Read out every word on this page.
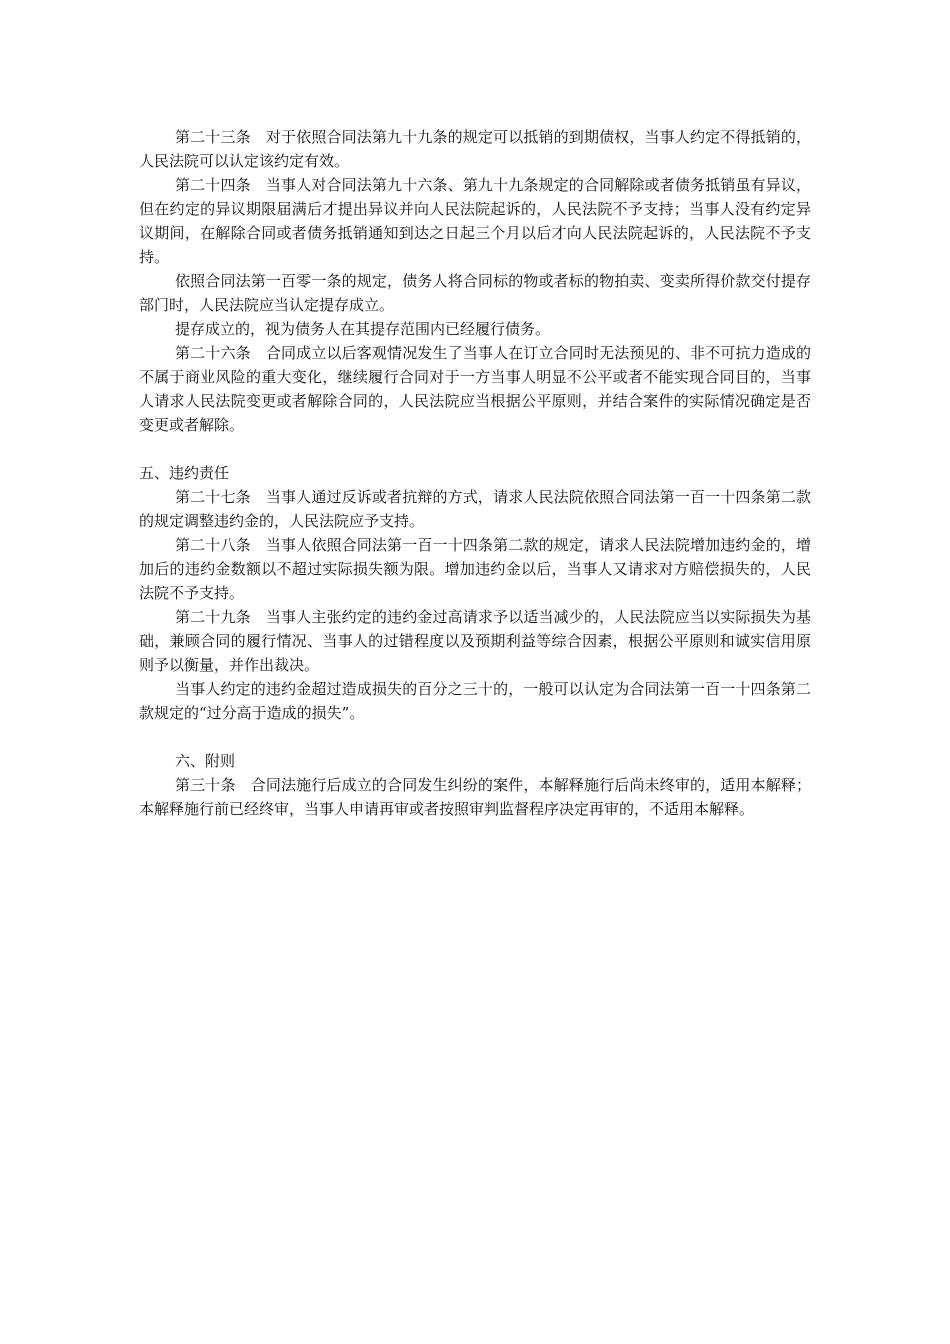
第二十三条　对于依照合同法第九十九条的规定可以抵销的到期债权，当事人约定不得抵销的，人民法院可以认定该约定有效。

第二十四条　当事人对合同法第九十六条、第九十九条规定的合同解除或者债务抵销虽有异议，但在约定的异议期限届满后才提出异议并向人民法院起诉的，人民法院不予支持；当事人没有约定异议期间，在解除合同或者债务抵销通知到达之日起三个月以后才向人民法院起诉的，人民法院不予支持。

依照合同法第一百零一条的规定，债务人将合同标的物或者标的物拍卖、变卖所得价款交付提存部门时，人民法院应当认定提存成立。

提存成立的，视为债务人在其提存范围内已经履行债务。

第二十六条　合同成立以后客观情况发生了当事人在订立合同时无法预见的、非不可抗力造成的不属于商业风险的重大变化，继续履行合同对于一方当事人明显不公平或者不能实现合同目的，当事人请求人民法院变更或者解除合同的，人民法院应当根据公平原则，并结合案件的实际情况确定是否变更或者解除。

五、违约责任

第二十七条　当事人通过反诉或者抗辩的方式，请求人民法院依照合同法第一百一十四条第二款的规定调整违约金的，人民法院应予支持。

第二十八条　当事人依照合同法第一百一十四条第二款的规定，请求人民法院增加违约金的，增加后的违约金数额以不超过实际损失额为限。增加违约金以后，当事人又请求对方赔偿损失的，人民法院不予支持。

第二十九条　当事人主张约定的违约金过高请求予以适当减少的，人民法院应当以实际损失为基础，兼顾合同的履行情况、当事人的过错程度以及预期利益等综合因素，根据公平原则和诚实信用原则予以衡量，并作出裁决。

当事人约定的违约金超过造成损失的百分之三十的，一般可以认定为合同法第一百一十四条第二款规定的“过分高于造成的损失”。

六、附则

第三十条　合同法施行后成立的合同发生纠纷的案件，本解释施行后尚未终审的，适用本解释；本解释施行前已经终审，当事人申请再审或者按照审判监督程序决定再审的，不适用本解释。
